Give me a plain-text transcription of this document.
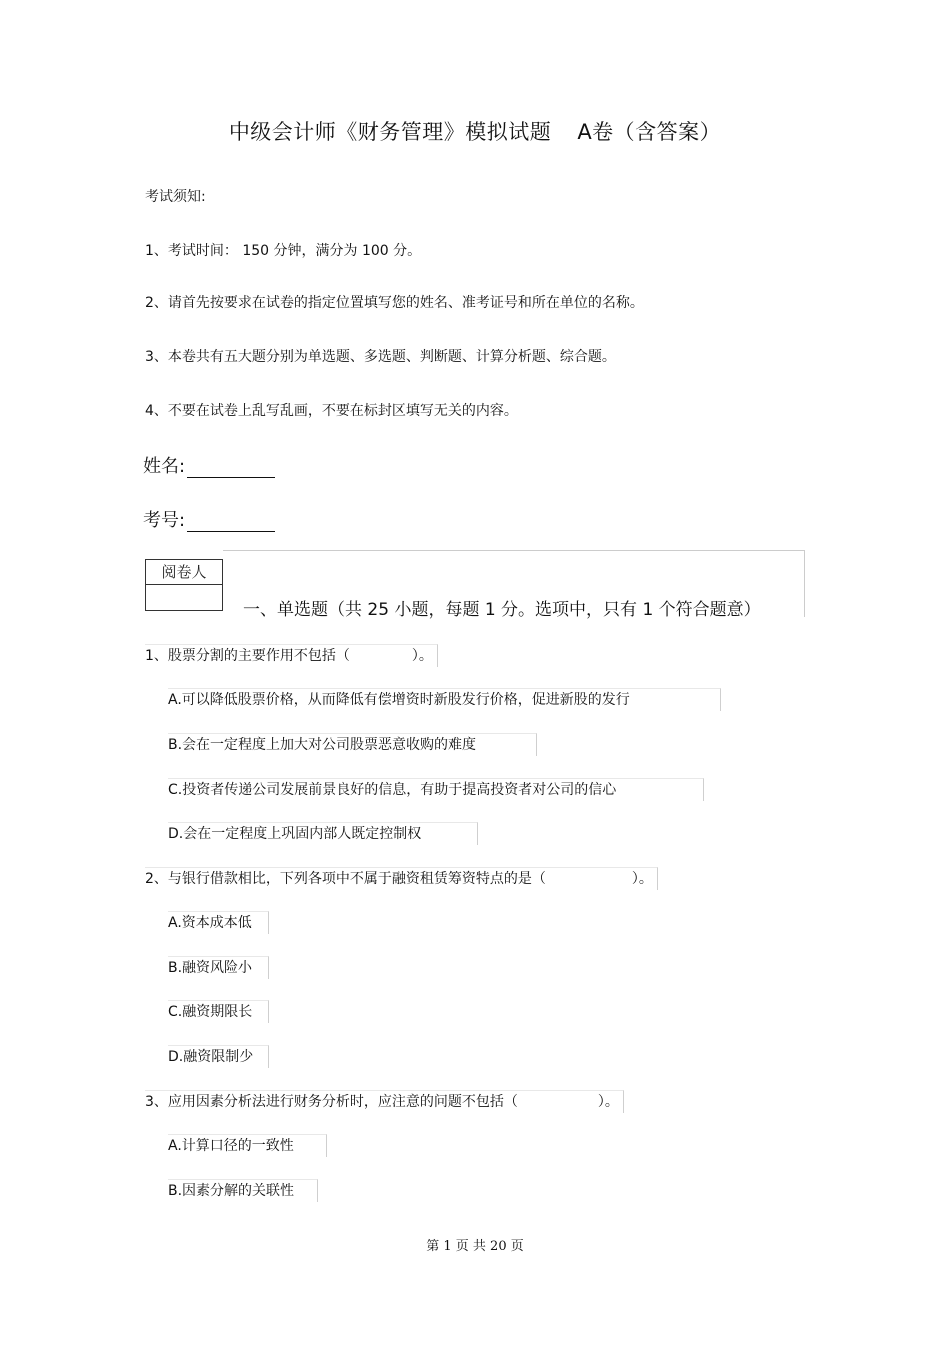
中级会计师《财务管理》模拟试题 A卷（含答案）
考试须知:
1、考试时间： 150 分钟，满分为 100 分。
2、请首先按要求在试卷的指定位置填写您的姓名、准考证号和所在单位的名称。
3、本卷共有五大题分别为单选题、多选题、判断题、计算分析题、综合题。
4、不要在试卷上乱写乱画，不要在标封区填写无关的内容。
姓名:
考号:
阅卷人
一、单选题（共 25 小题，每题 1 分。选项中，只有 1 个符合题意）
1、股票分割的主要作用不包括（	）。
A.可以降低股票价格，从而降低有偿增资时新股发行价格，促进新股的发行
B.会在一定程度上加大对公司股票恶意收购的难度
C.投资者传递公司发展前景良好的信息，有助于提高投资者对公司的信心
D.会在一定程度上巩固内部人既定控制权
2、与银行借款相比，下列各项中不属于融资租赁筹资特点的是（	）。
A.资本成本低
B.融资风险小
C.融资期限长
D.融资限制少
3、应用因素分析法进行财务分析时，应注意的问题不包括（	）。
A.计算口径的一致性
B.因素分解的关联性
第 1 页 共 20 页
